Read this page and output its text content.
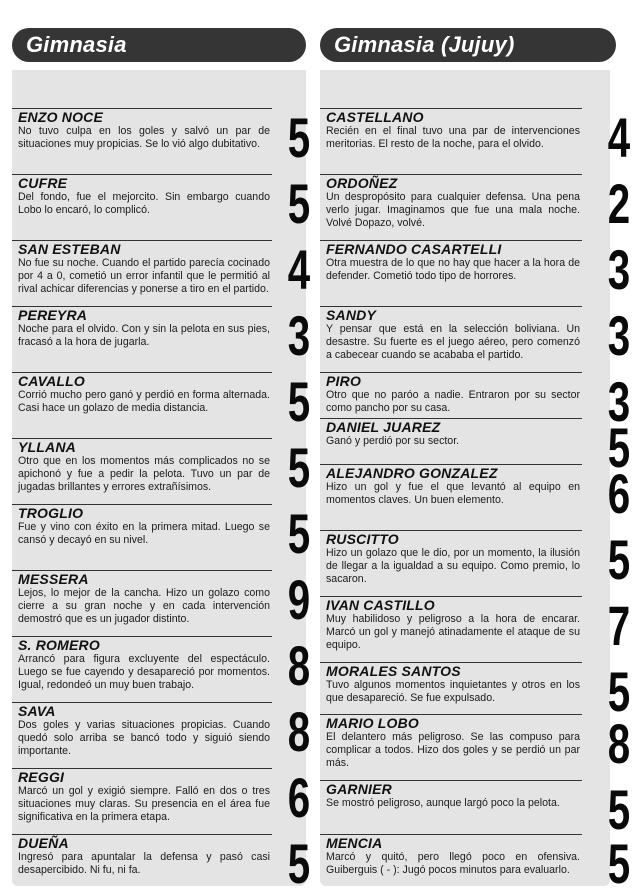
Gimnasia
ENZO NOCE
No tuvo culpa en los goles y salvó un par de situaciones muy propicias. Se lo vió algo dubitativo. 5
CUFRE
Del fondo, fue el mejorcito. Sin embargo cuando Lobo lo encaró, lo complicó.	5
SAN ESTEBAN
No fue su noche. Cuando el partido parecía cocinado por 4 a 0, cometió un error infantil que le permitió al rival achicar diferencias y ponerse a tiro en el partido. 4
PEREYRA
Noche para el olvido. Con y sin la pelota en sus pies, fracasó a la hora de jugarla.	3
CAVALLO
Corrió mucho pero ganó y perdió en forma alternada. Casi hace un golazo de media distancia.	5
YLLANA
Otro que en los momentos más complicados no se apichonó y fue a pedir la pelota. Tuvo un par de jugadas brillantes y errores extrañísimos.	5
TROGLIO
Fue y vino con éxito en la primera mitad. Luego se cansó y decayó en su nivel.	5
MESSERA
Lejos, lo mejor de la cancha. Hizo un golazo como cierre a su gran noche y en cada intervención demostró que es un jugador distinto.	9
S. ROMERO
Arrancó para figura excluyente del espectáculo. Luego se fue cayendo y desapareció por momentos. Igual, redondeó un muy buen trabajo.	8
SAVA
Dos goles y varias situaciones propicias. Cuando quedó solo arriba se bancó todo y siguió siendo importante.	8
REGGI
Marcó un gol y exigió siempre. Falló en dos o tres situaciones muy claras. Su presencia en el área fue significativa en la primera etapa.	6
DUEÑA
Ingresó para apuntalar la defensa y pasó casi desapercibido. Ni fu, ni fa.	5
Gimnasia (Jujuy)
CASTELLANO
Recién en el final tuvo una par de intervenciones meritorias. El resto de la noche, para el olvido.	4
ORDOÑEZ
Un despropósito para cualquier defensa. Una pena verlo jugar. Imaginamos que fue una mala noche. Volvé Dopazo, volvé.	2
FERNANDO CASARTELLI
Otra muestra de lo que no hay que hacer a la hora de defender. Cometió todo tipo de horrores.	3
SANDY
Y pensar que está en la selección boliviana. Un desastre. Su fuerte es el juego aéreo, pero comenzó a cabecear cuando se acababa el partido.	3
PIRO
Otro que no paróo a nadie. Entraron por su sector como pancho por su casa.	3
DANIEL JUAREZ
Ganó y perdió por su sector.	5
ALEJANDRO GONZALEZ
Hizo un gol y fue el que levantó al equipo en momentos claves. Un buen elemento.	6
RUSCITTO
Hizo un golazo que le dio, por un momento, la ilusión de llegar a la igualdad a su equipo. Como premio, lo sacaron.	5
IVAN CASTILLO
Muy habilidoso y peligroso a la hora de encarar. Marcó un gol y manejó atinadamente el ataque de su equipo.	7
MORALES SANTOS
Tuvo algunos momentos inquietantes y otros en los que desapareció. Se fue expulsado.	5
MARIO LOBO
El delantero más peligroso. Se las compuso para complicar a todos. Hizo dos goles y se perdió un par más.	8
GARNIER
Se mostró peligroso, aunque largó poco la pelota. 5
MENCIA
Marcó y quitó, pero llegó poco en ofensiva. Guiberguis ( - ): Jugó pocos minutos para evaluarlo. 5
